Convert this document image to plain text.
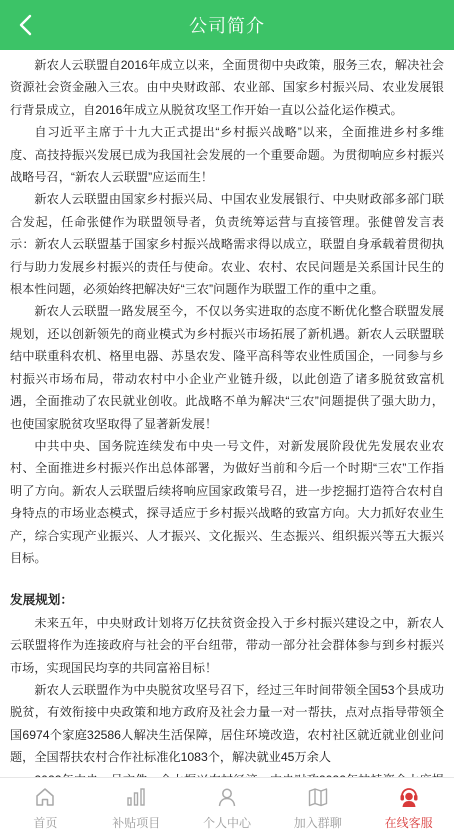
公司简介

新农人云联盟自2016年成立以来，全面贯彻中央政策，服务三农，解决社会资源社会资金融入三农。由中央财政部、农业部、国家乡村振兴局、农业发展银行背景成立，自2016年成立从脱贫攻坚工作开始一直以公益化运作模式。

自习近平主席于十九大正式提出“乡村振兴战略”以来，全面推进乡村多维度、高技持振兴发展已成为我国社会发展的一个重要命题。为贯彻响应乡村振兴战略号召，“新农人云联盟”应运而生！

新农人云联盟由国家乡村振兴局、中国农业发展银行、中央财政部多部门联合发起，任命张健作为联盟领导者，负责统筹运营与直接管理。张健曾发言表示：新农人云联盟基于国家乡村振兴战略需求得以成立，联盟自身承载着贯彻执行与助力发展乡村振兴的责任与使命。农业、农村、农民问题是关系国计民生的根本性问题，必须始终把解决好“三农”问题作为联盟工作的重中之重。

新农人云联盟一路发展至今，不仅以务实进取的态度不断优化整合联盟发展规划，还以创新领先的商业模式为乡村振兴市场拓展了新机遇。新农人云联盟联结中联重科农机、格里电器、苏垦农发、隆平高科等农业性质国企，一同参与乡村振兴市场布局，带动农村中小企业产业链升级，以此创造了诸多脱贫致富机遇，全面推动了农民就业创收。此战略不单为解决“三农”问题提供了强大助力，也使国家脱贫攻坚取得了显著新发展！

中共中央、国务院连续发布中央一号文件，对新发展阶段优先发展农业农村、全面推进乡村振兴作出总体部署，为做好当前和今后一个时期“三农”工作指明了方向。新农人云联盟后续将响应国家政策号召，进一步挖掘打造符合农村自身特点的市场业态模式，探寻适应于乡村振兴战略的致富方向。大力抓好农业生产，综合实现产业振兴、人才振兴、文化振兴、生态振兴、组织振兴等五大振兴目标。

发展规划：

未来五年，中央财政计划将万亿扶贫资金投入于乡村振兴建设之中，新农人云联盟将作为连接政府与社会的平台纽带，带动一部分社会群体参与到乡村振兴市场，实现国民均享的共同富裕目标！

新农人云联盟作为中央脱贫攻坚号召下，经过三年时间带领全国53个县成功脱贫，有效衔接中央政策和地方政府及社会力量一对一帮扶，点对点指导带领全国6974个家庭32586人解决生活保障，居住环境改造，农村社区就近就业创业问题，全国帮扶农村合作社标准化1083个，解决就业45万余人

首页	补贴项目	个人中心	加入群聊	在线客服
